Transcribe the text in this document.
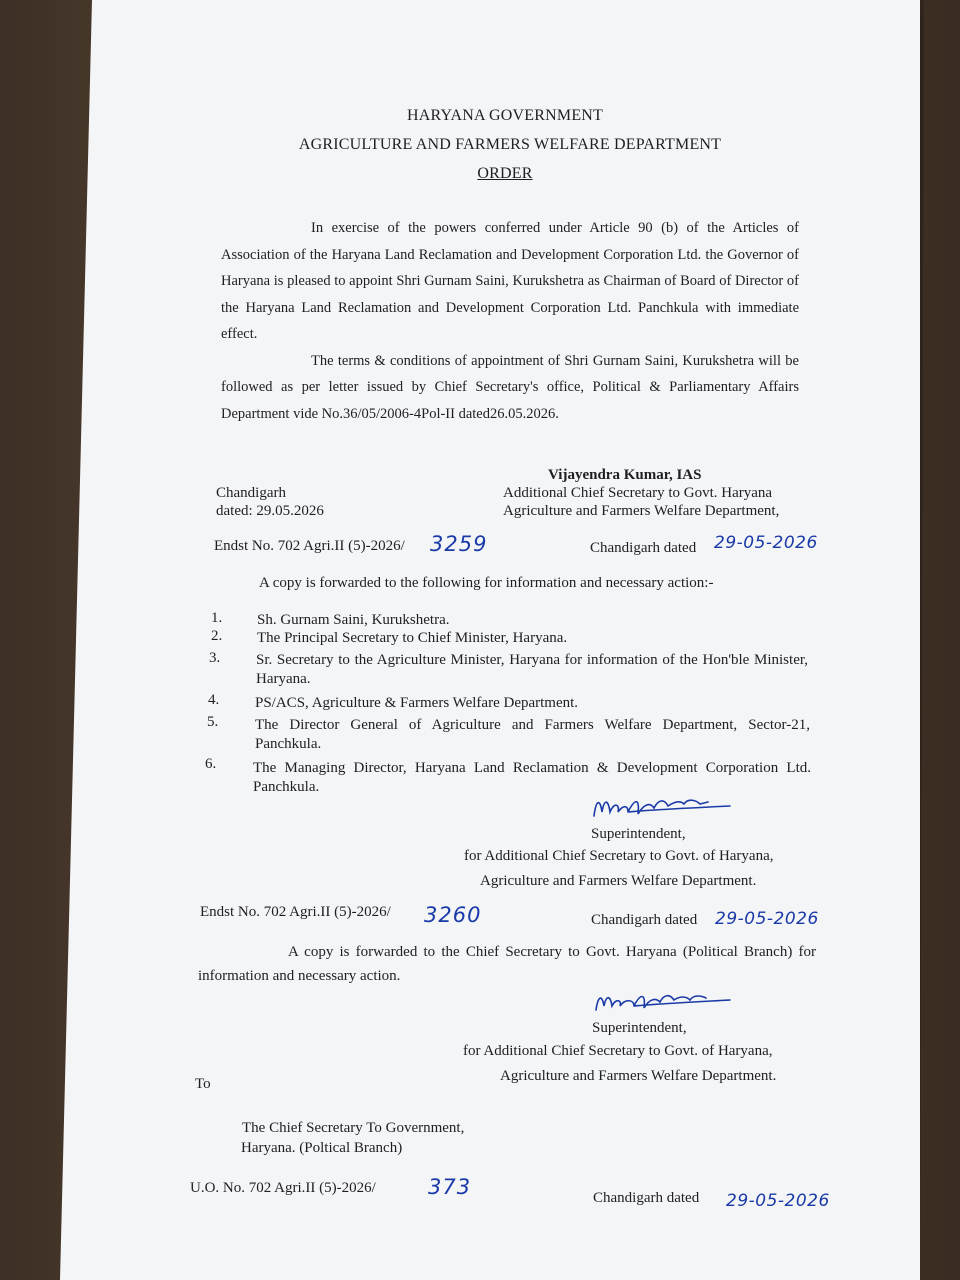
HARYANA GOVERNMENT
AGRICULTURE AND FARMERS WELFARE DEPARTMENT
ORDER

In exercise of the powers conferred under Article 90 (b) of the Articles of Association of the Haryana Land Reclamation and Development Corporation Ltd. the Governor of Haryana is pleased to appoint Shri Gurnam Saini, Kurukshetra as Chairman of Board of Director of the Haryana Land Reclamation and Development Corporation Ltd. Panchkula with immediate effect.

The terms & conditions of appointment of Shri Gurnam Saini, Kurukshetra will be followed as per letter issued by Chief Secretary's office, Political & Parliamentary Affairs Department vide No.36/05/2006-4Pol-II dated26.05.2026.

Vijayendra Kumar, IAS
Additional Chief Secretary to Govt. Haryana
Agriculture and Farmers Welfare Department,
Chandigarh
dated: 29.05.2026
Endst No. 702 Agri.II (5)-2026/ 3259	Chandigarh dated 29-05-2026
A copy is forwarded to the following for information and necessary action:-
1. Sh. Gurnam Saini, Kurukshetra.
2. The Principal Secretary to Chief Minister, Haryana.
3. Sr. Secretary to the Agriculture Minister, Haryana for information of the Hon'ble Minister, Haryana.
4. PS/ACS, Agriculture & Farmers Welfare Department.
5. The Director General of Agriculture and Farmers Welfare Department, Sector-21, Panchkula.
6. The Managing Director, Haryana Land Reclamation & Development Corporation Ltd. Panchkula.
Superintendent,
for Additional Chief Secretary to Govt. of Haryana,
Agriculture and Farmers Welfare Department.
Endst No. 702 Agri.II (5)-2026/ 3260	Chandigarh dated 29-05-2026

A copy is forwarded to the Chief Secretary to Govt. Haryana (Political Branch) for information and necessary action.

Superintendent,
for Additional Chief Secretary to Govt. of Haryana,
Agriculture and Farmers Welfare Department.
To
The Chief Secretary To Government,
Haryana. (Poltical Branch)
U.O. No. 702 Agri.II (5)-2026/ 373	Chandigarh dated 29-05-2026
